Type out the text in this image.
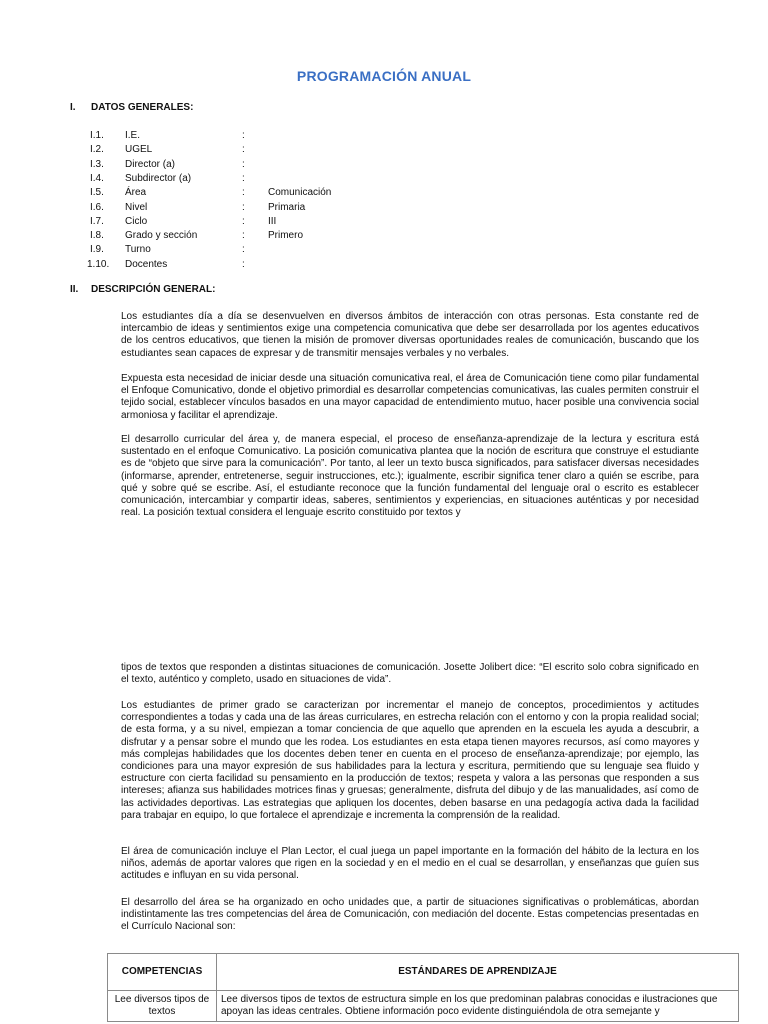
PROGRAMACIÓN ANUAL
I. DATOS GENERALES:
I.1. I.E.	:
I.2. UGEL	:
I.3. Director (a)	:
I.4. Subdirector (a)	:
I.5. Área	: Comunicación
I.6. Nivel	: Primaria
I.7. Ciclo	: III
I.8. Grado y sección	: Primero
I.9. Turno	:
1.10. Docentes	:
II. DESCRIPCIÓN GENERAL:

Los estudiantes día a día se desenvuelven en diversos ámbitos de interacción con otras personas. Esta constante red de intercambio de ideas y sentimientos exige una competencia comunicativa que debe ser desarrollada por los agentes educativos de los centros educativos, que tienen la misión de promover diversas oportunidades reales de comunicación, buscando que los estudiantes sean capaces de expresar y de transmitir mensajes verbales y no verbales.

Expuesta esta necesidad de iniciar desde una situación comunicativa real, el área de Comunicación tiene como pilar fundamental el Enfoque Comunicativo, donde el objetivo primordial es desarrollar competencias comunicativas, las cuales permiten construir el tejido social, establecer vínculos basados en una mayor capacidad de entendimiento mutuo, hacer posible una convivencia social armoniosa y facilitar el aprendizaje.

El desarrollo curricular del área y, de manera especial, el proceso de enseñanza-aprendizaje de la lectura y escritura está sustentado en el enfoque Comunicativo. La posición comunicativa plantea que la noción de escritura que construye el estudiante es de “objeto que sirve para la comunicación”. Por tanto, al leer un texto busca significados, para satisfacer diversas necesidades (informarse, aprender, entretenerse, seguir instrucciones, etc.); igualmente, escribir significa tener claro a quién se escribe, para qué y sobre qué se escribe. Así, el estudiante reconoce que la función fundamental del lenguaje oral o escrito es establecer comunicación, intercambiar y compartir ideas, saberes, sentimientos y experiencias, en situaciones auténticas y por necesidad real. La posición textual considera el lenguaje escrito constituido por textos y

tipos de textos que responden a distintas situaciones de comunicación. Josette Jolibert dice: “El escrito solo cobra significado en el texto, auténtico y completo, usado en situaciones de vida”.

Los estudiantes de primer grado se caracterizan por incrementar el manejo de conceptos, procedimientos y actitudes correspondientes a todas y cada una de las áreas curriculares, en estrecha relación con el entorno y con la propia realidad social; de esta forma, y a su nivel, empiezan a tomar conciencia de que aquello que aprenden en la escuela les ayuda a descubrir, a disfrutar y a pensar sobre el mundo que les rodea. Los estudiantes en esta etapa tienen mayores recursos, así como mayores y más complejas habilidades que los docentes deben tener en cuenta en el proceso de enseñanza-aprendizaje; por ejemplo, las condiciones para una mayor expresión de sus habilidades para la lectura y escritura, permitiendo que su lenguaje sea fluido y estructure con cierta facilidad su pensamiento en la producción de textos; respeta y valora a las personas que responden a sus intereses; afianza sus habilidades motrices finas y gruesas; generalmente, disfruta del dibujo y de las manualidades, así como de las actividades deportivas. Las estrategias que apliquen los docentes, deben basarse en una pedagogía activa dada la facilidad para trabajar en equipo, lo que fortalece el aprendizaje e incrementa la comprensión de la realidad.

El área de comunicación incluye el Plan Lector, el cual juega un papel importante en la formación del hábito de la lectura en los niños, además de aportar valores que rigen en la sociedad y en el medio en el cual se desarrollan, y enseñanzas que guíen sus actitudes e influyan en su vida personal.

El desarrollo del área se ha organizado en ocho unidades que, a partir de situaciones significativas o problemáticas, abordan indistintamente las tres competencias del área de Comunicación, con mediación del docente. Estas competencias presentadas en el Currículo Nacional son:

COMPETENCIAS	ESTÁNDARES DE APRENDIZAJE
Lee diversos tipos de textos	Lee diversos tipos de textos de estructura simple en los que predominan palabras conocidas e ilustraciones que apoyan las ideas centrales. Obtiene información poco evidente distinguiéndola de otra semejante y
